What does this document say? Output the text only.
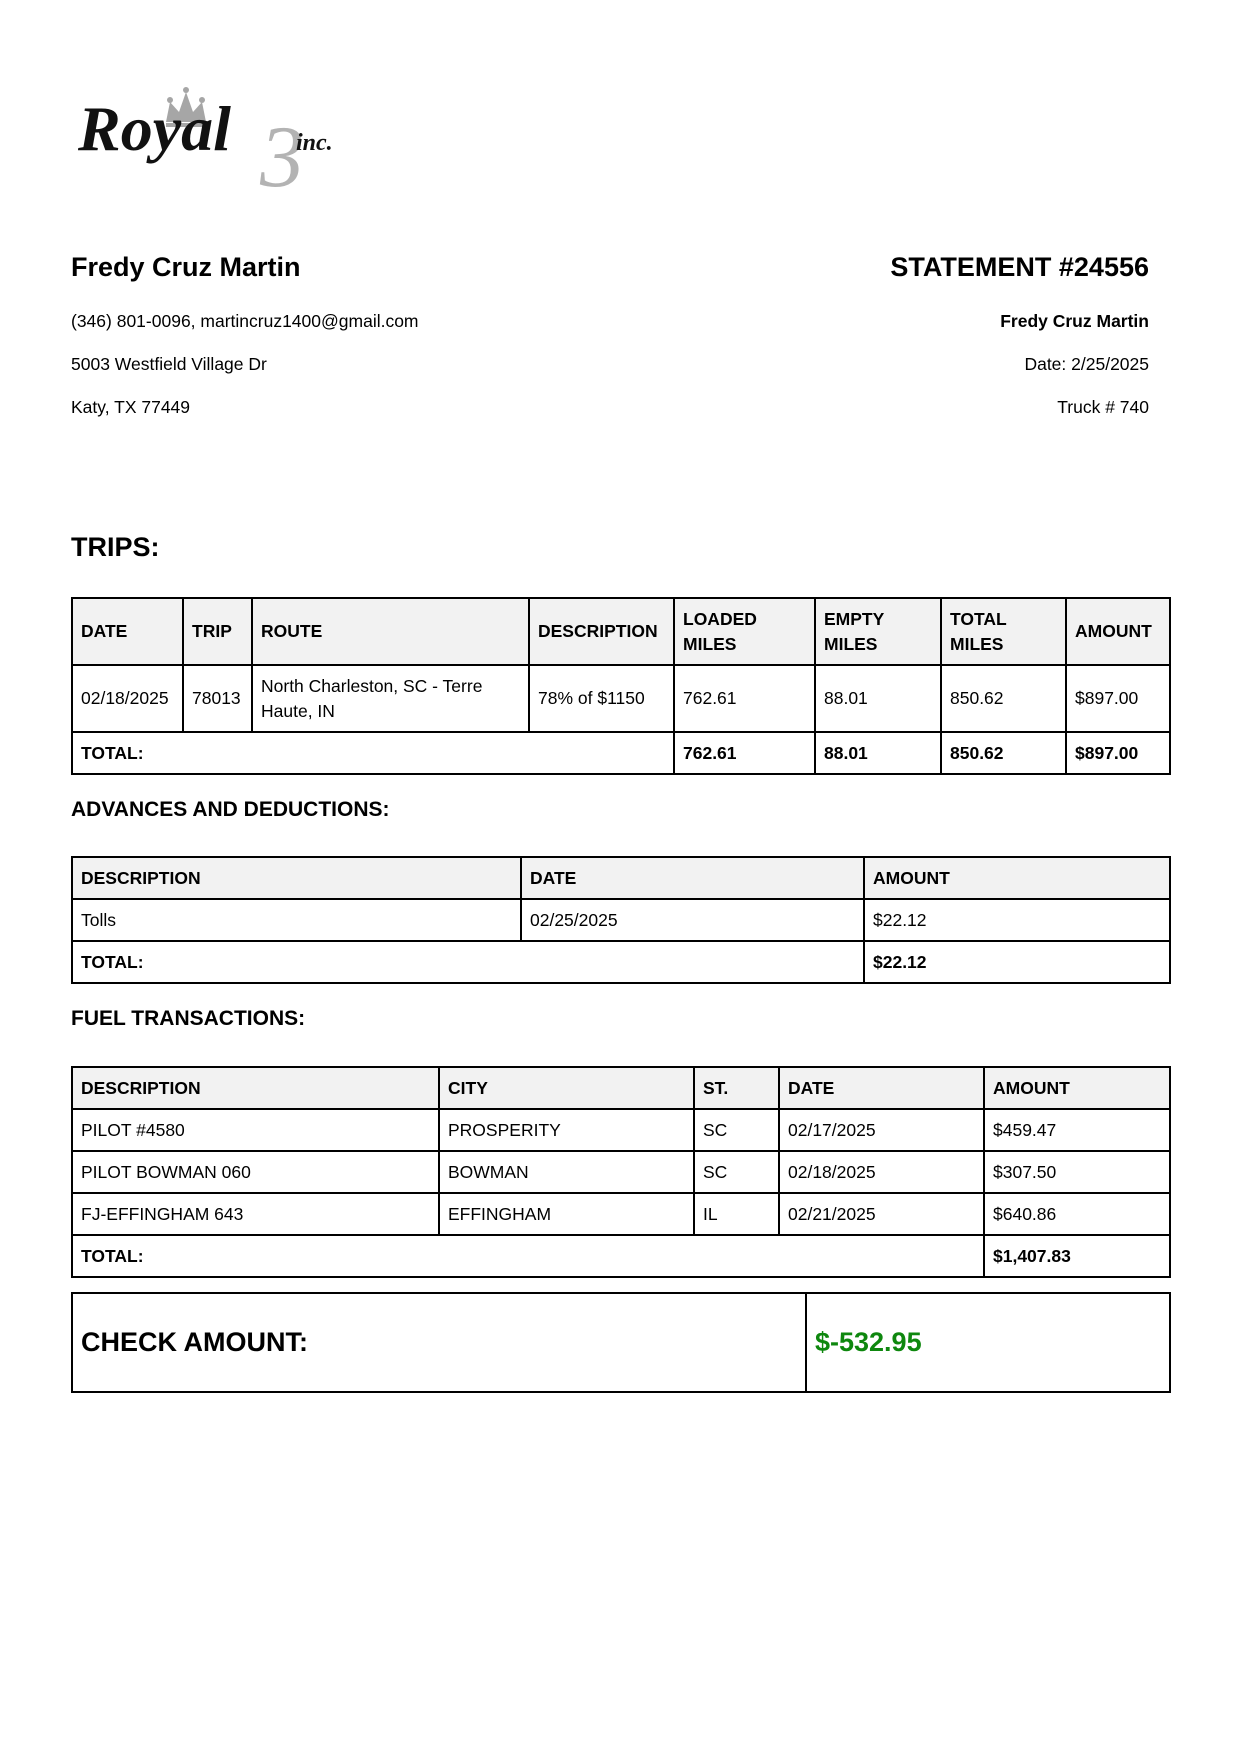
3
Royal	inc.
Fredy Cruz Martin
(346) 801-0096, martincruz1400@gmail.com
5003 Westfield Village Dr
Katy, TX 77449
STATEMENT #24556
Fredy Cruz Martin
Date: 2/25/2025
Truck # 740
TRIPS:
DATE	TRIP	ROUTE	DESCRIPTION	LOADED MILES	EMPTY MILES	TOTAL MILES	AMOUNT
02/18/2025	78013	North Charleston, SC - Terre Haute, IN	78% of $1150	762.61	88.01	850.62	$897.00
TOTAL:				762.61	88.01	850.62	$897.00
ADVANCES AND DEDUCTIONS:
DESCRIPTION	DATE	AMOUNT
Tolls	02/25/2025	$22.12
TOTAL:		$22.12
FUEL TRANSACTIONS:
DESCRIPTION	CITY	ST.	DATE	AMOUNT
PILOT #4580	PROSPERITY	SC	02/17/2025	$459.47
PILOT BOWMAN 060	BOWMAN	SC	02/18/2025	$307.50
FJ-EFFINGHAM 643	EFFINGHAM	IL	02/21/2025	$640.86
TOTAL:				$1,407.83
CHECK AMOUNT:	$-532.95
